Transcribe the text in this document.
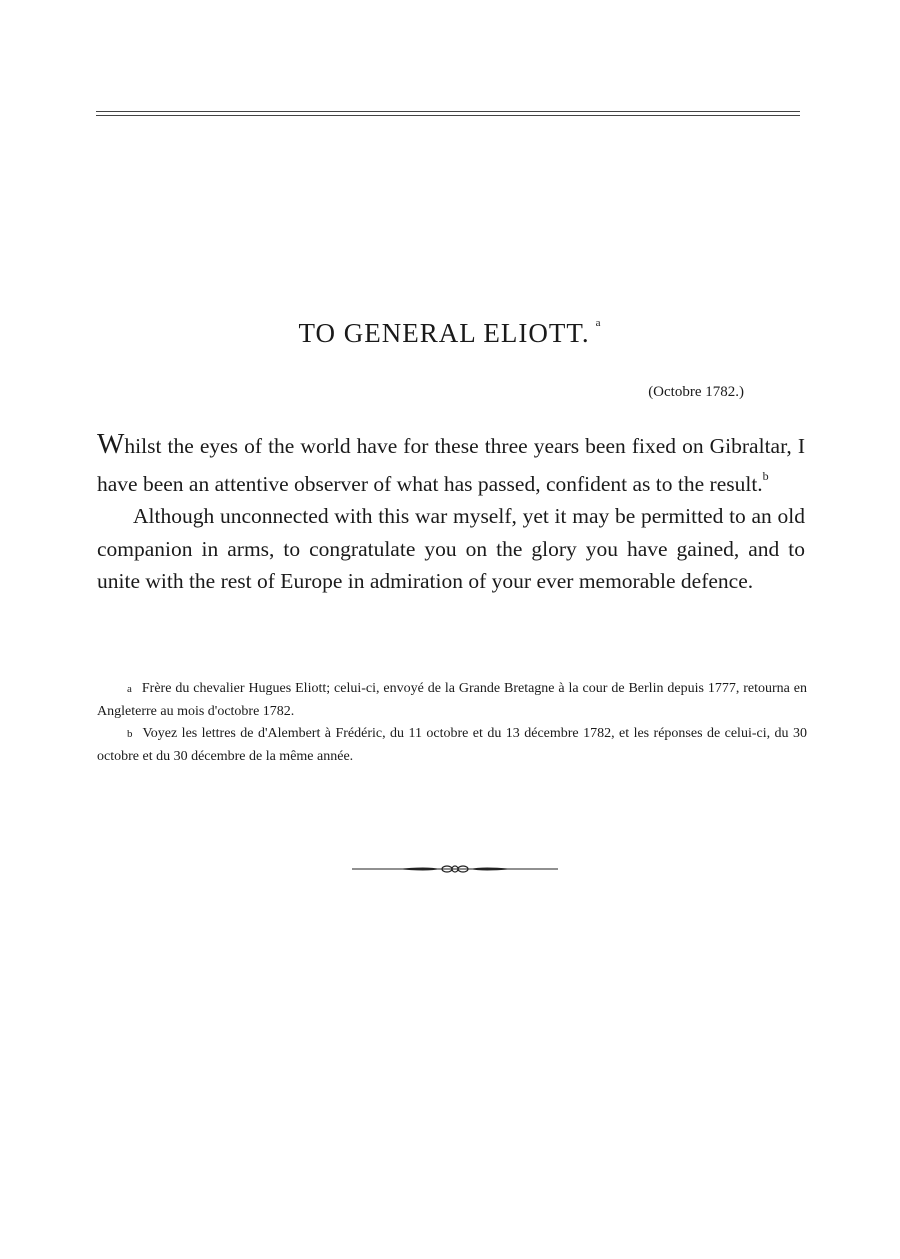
TO GENERAL ELIOTT. $^a$

(Octobre 1782.)

Whilst the eyes of the world have for these three years been fixed on Gibraltar, I have been an attentive observer of what has passed, confident as to the result.$^b$

Although unconnected with this war myself, yet it may be permitted to an old companion in arms, to congratulate you on the glory you have gained, and to unite with the rest of Europe in admiration of your ever memorable defence.

a Frère du chevalier Hugues Eliott; celui-ci, envoyé de la Grande Bretagne à la cour de Berlin depuis 1777, retourna en Angleterre au mois d'octobre 1782.

b Voyez les lettres de d'Alembert à Frédéric, du 11 octobre et du 13 décembre 1782, et les réponses de celui-ci, du 30 octobre et du 30 décembre de la même année.
